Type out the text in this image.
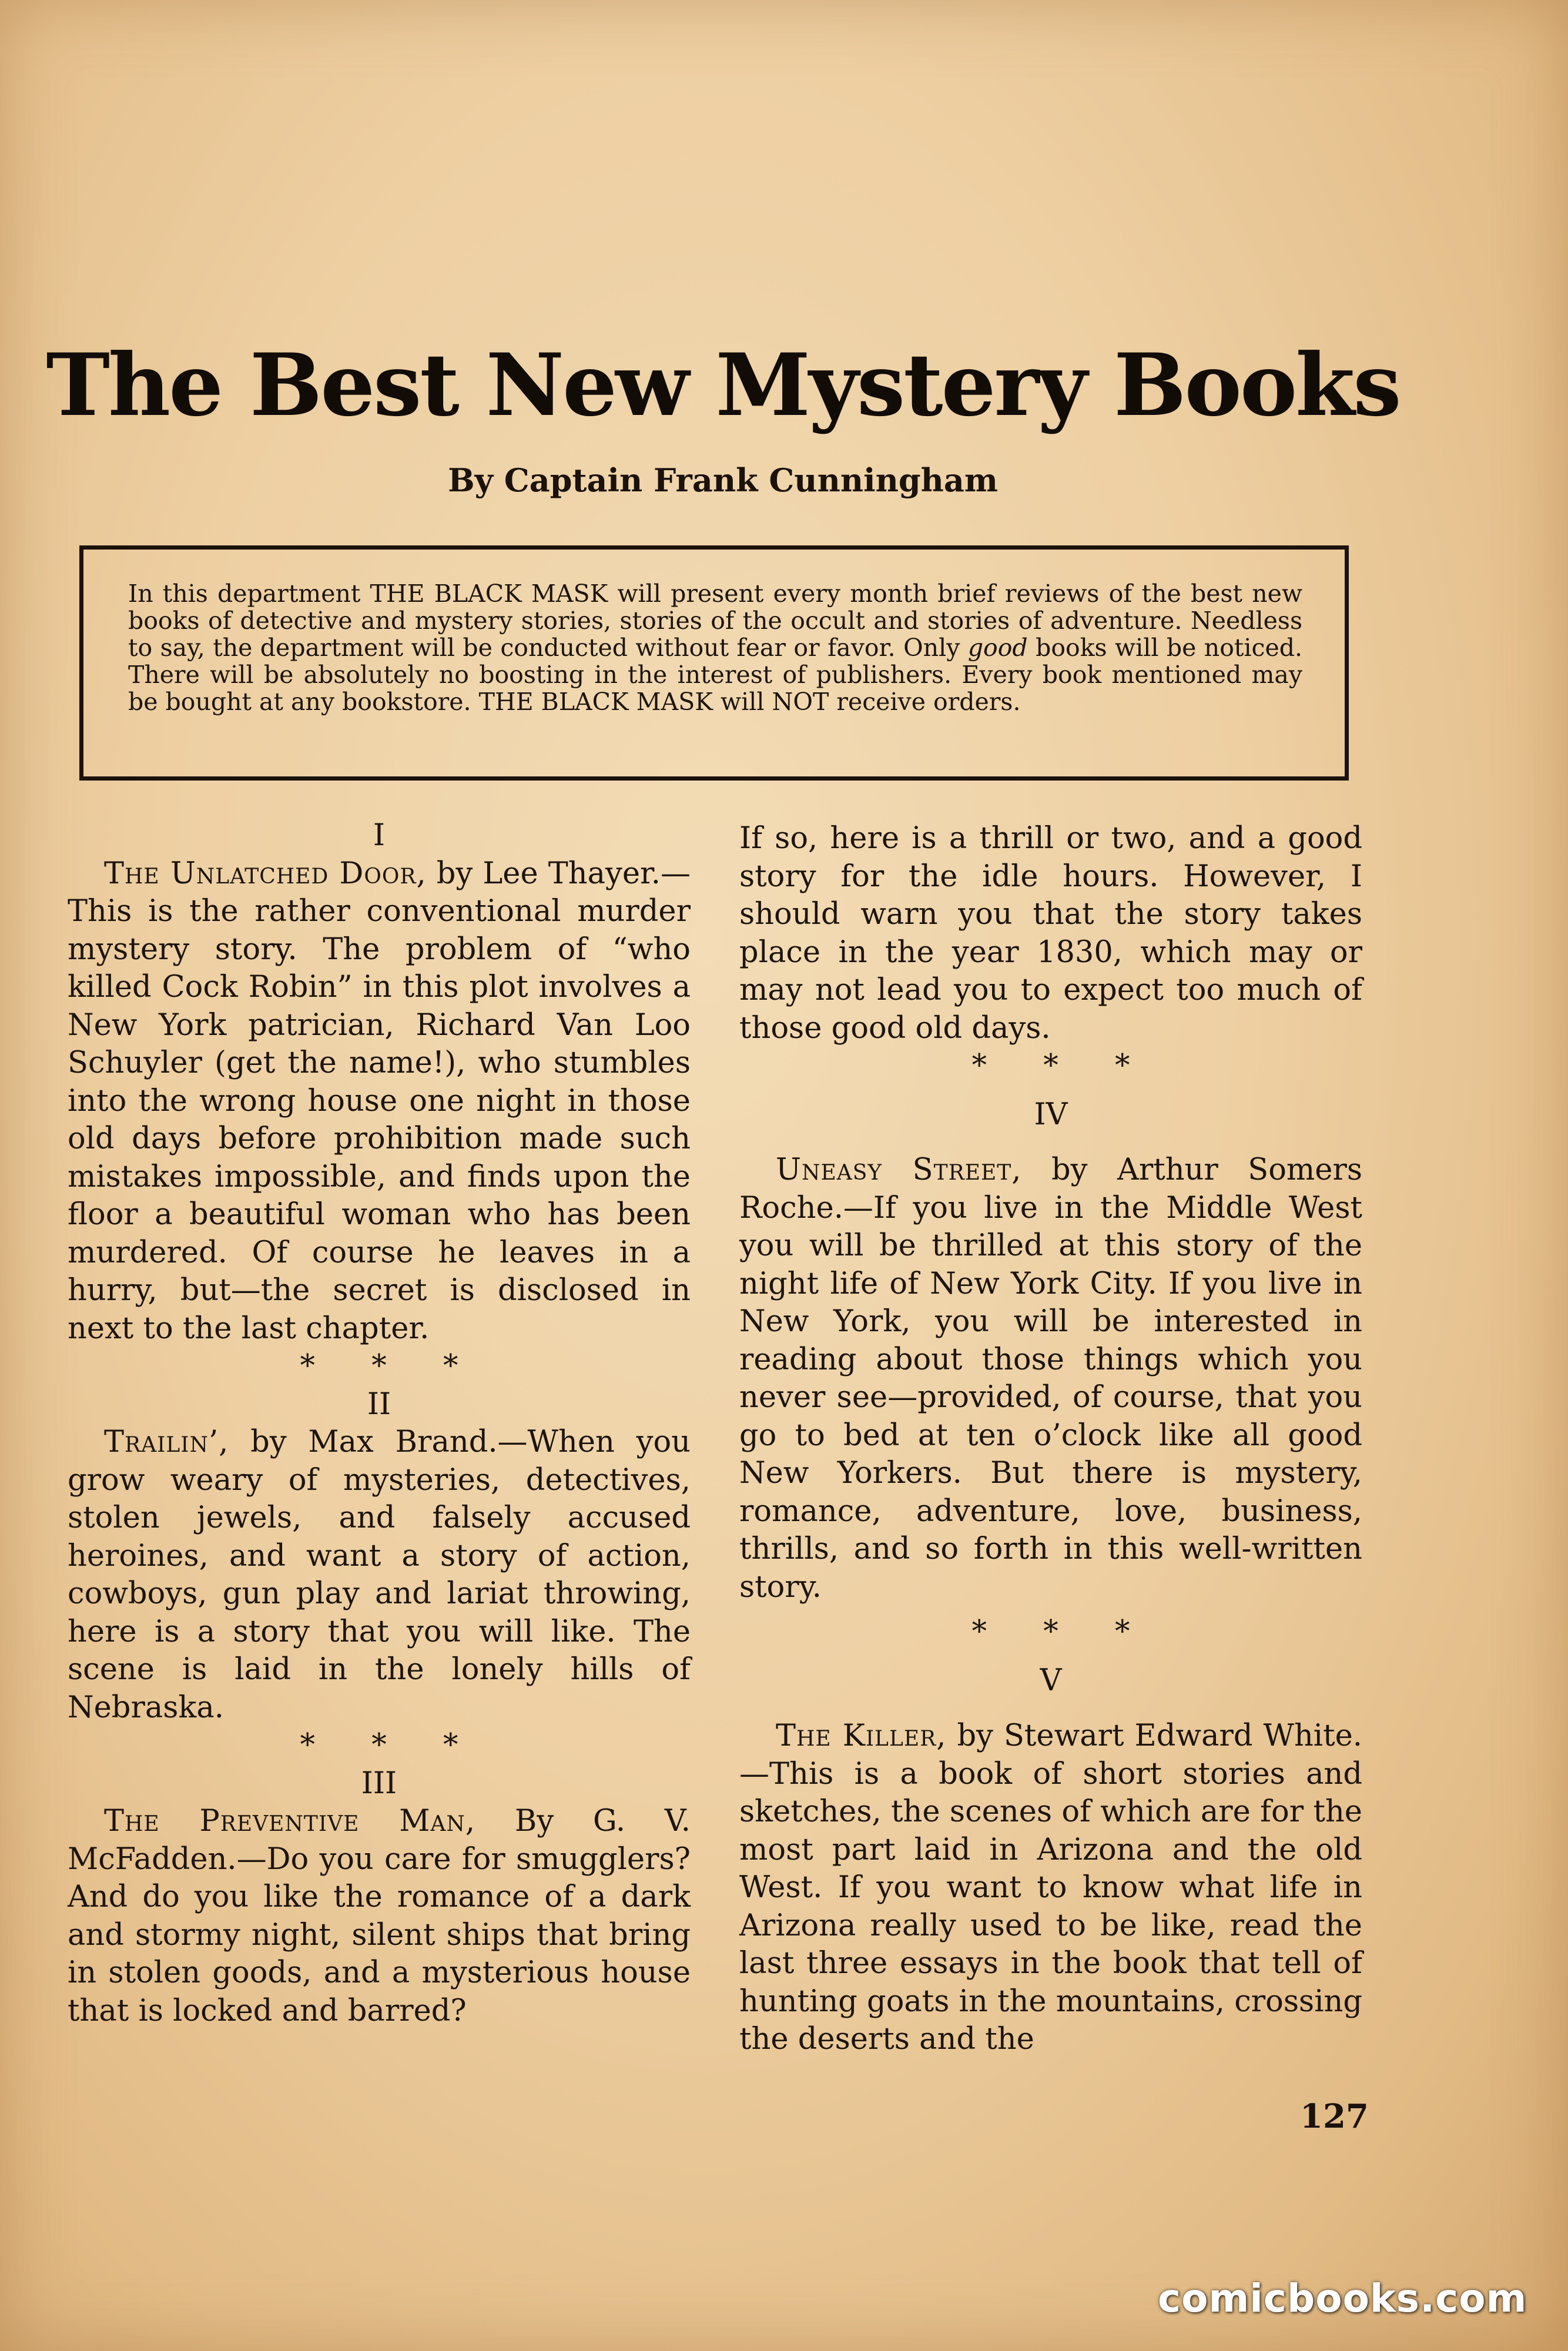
The Best New Mystery Books
By Captain Frank Cunningham
In this department THE BLACK MASK will present every month brief reviews of the best new books of detective and mystery stories, stories of the occult and stories of adventure. Needless to say, the department will be conducted without fear or favor. Only good books will be noticed. There will be absolutely no boosting in the interest of publishers. Every book mentioned may be bought at any bookstore. THE BLACK MASK will NOT receive orders.

I

The Unlatched Door, by Lee Thayer.—This is the rather conventional murder mystery story. The problem of “who killed Cock Robin” in this plot involves a New York patrician, Richard Van Loo Schuyler (get the name!), who stumbles into the wrong house one night in those old days before prohibition made such mistakes impossible, and finds upon the floor a beautiful woman who has been murdered. Of course he leaves in a hurry, but—the secret is disclosed in next to the last chapter.

* * *

II

Trailin’, by Max Brand.—When you grow weary of mysteries, detectives, stolen jewels, and falsely accused heroines, and want a story of action, cowboys, gun play and lariat throwing, here is a story that you will like. The scene is laid in the lonely hills of Nebraska.

* * *

III

The Preventive Man, By G. V. McFadden.—Do you care for smugglers? And do you like the romance of a dark and stormy night, silent ships that bring in stolen goods, and a mysterious house that is locked and barred?

If so, here is a thrill or two, and a good story for the idle hours. However, I should warn you that the story takes place in the year 1830, which may or may not lead you to expect too much of those good old days.

* * *

IV

Uneasy Street, by Arthur Somers Roche.—If you live in the Middle West you will be thrilled at this story of the night life of New York City. If you live in New York, you will be interested in reading about those things which you never see—provided, of course, that you go to bed at ten o’clock like all good New Yorkers. But there is mystery, romance, adventure, love, business, thrills, and so forth in this well-written story.

* * *

V

The Killer, by Stewart Edward White.—This is a book of short stories and sketches, the scenes of which are for the most part laid in Arizona and the old West. If you want to know what life in Arizona really used to be like, read the last three essays in the book that tell of hunting goats in the mountains, crossing the deserts and the

127
comicbooks.com
